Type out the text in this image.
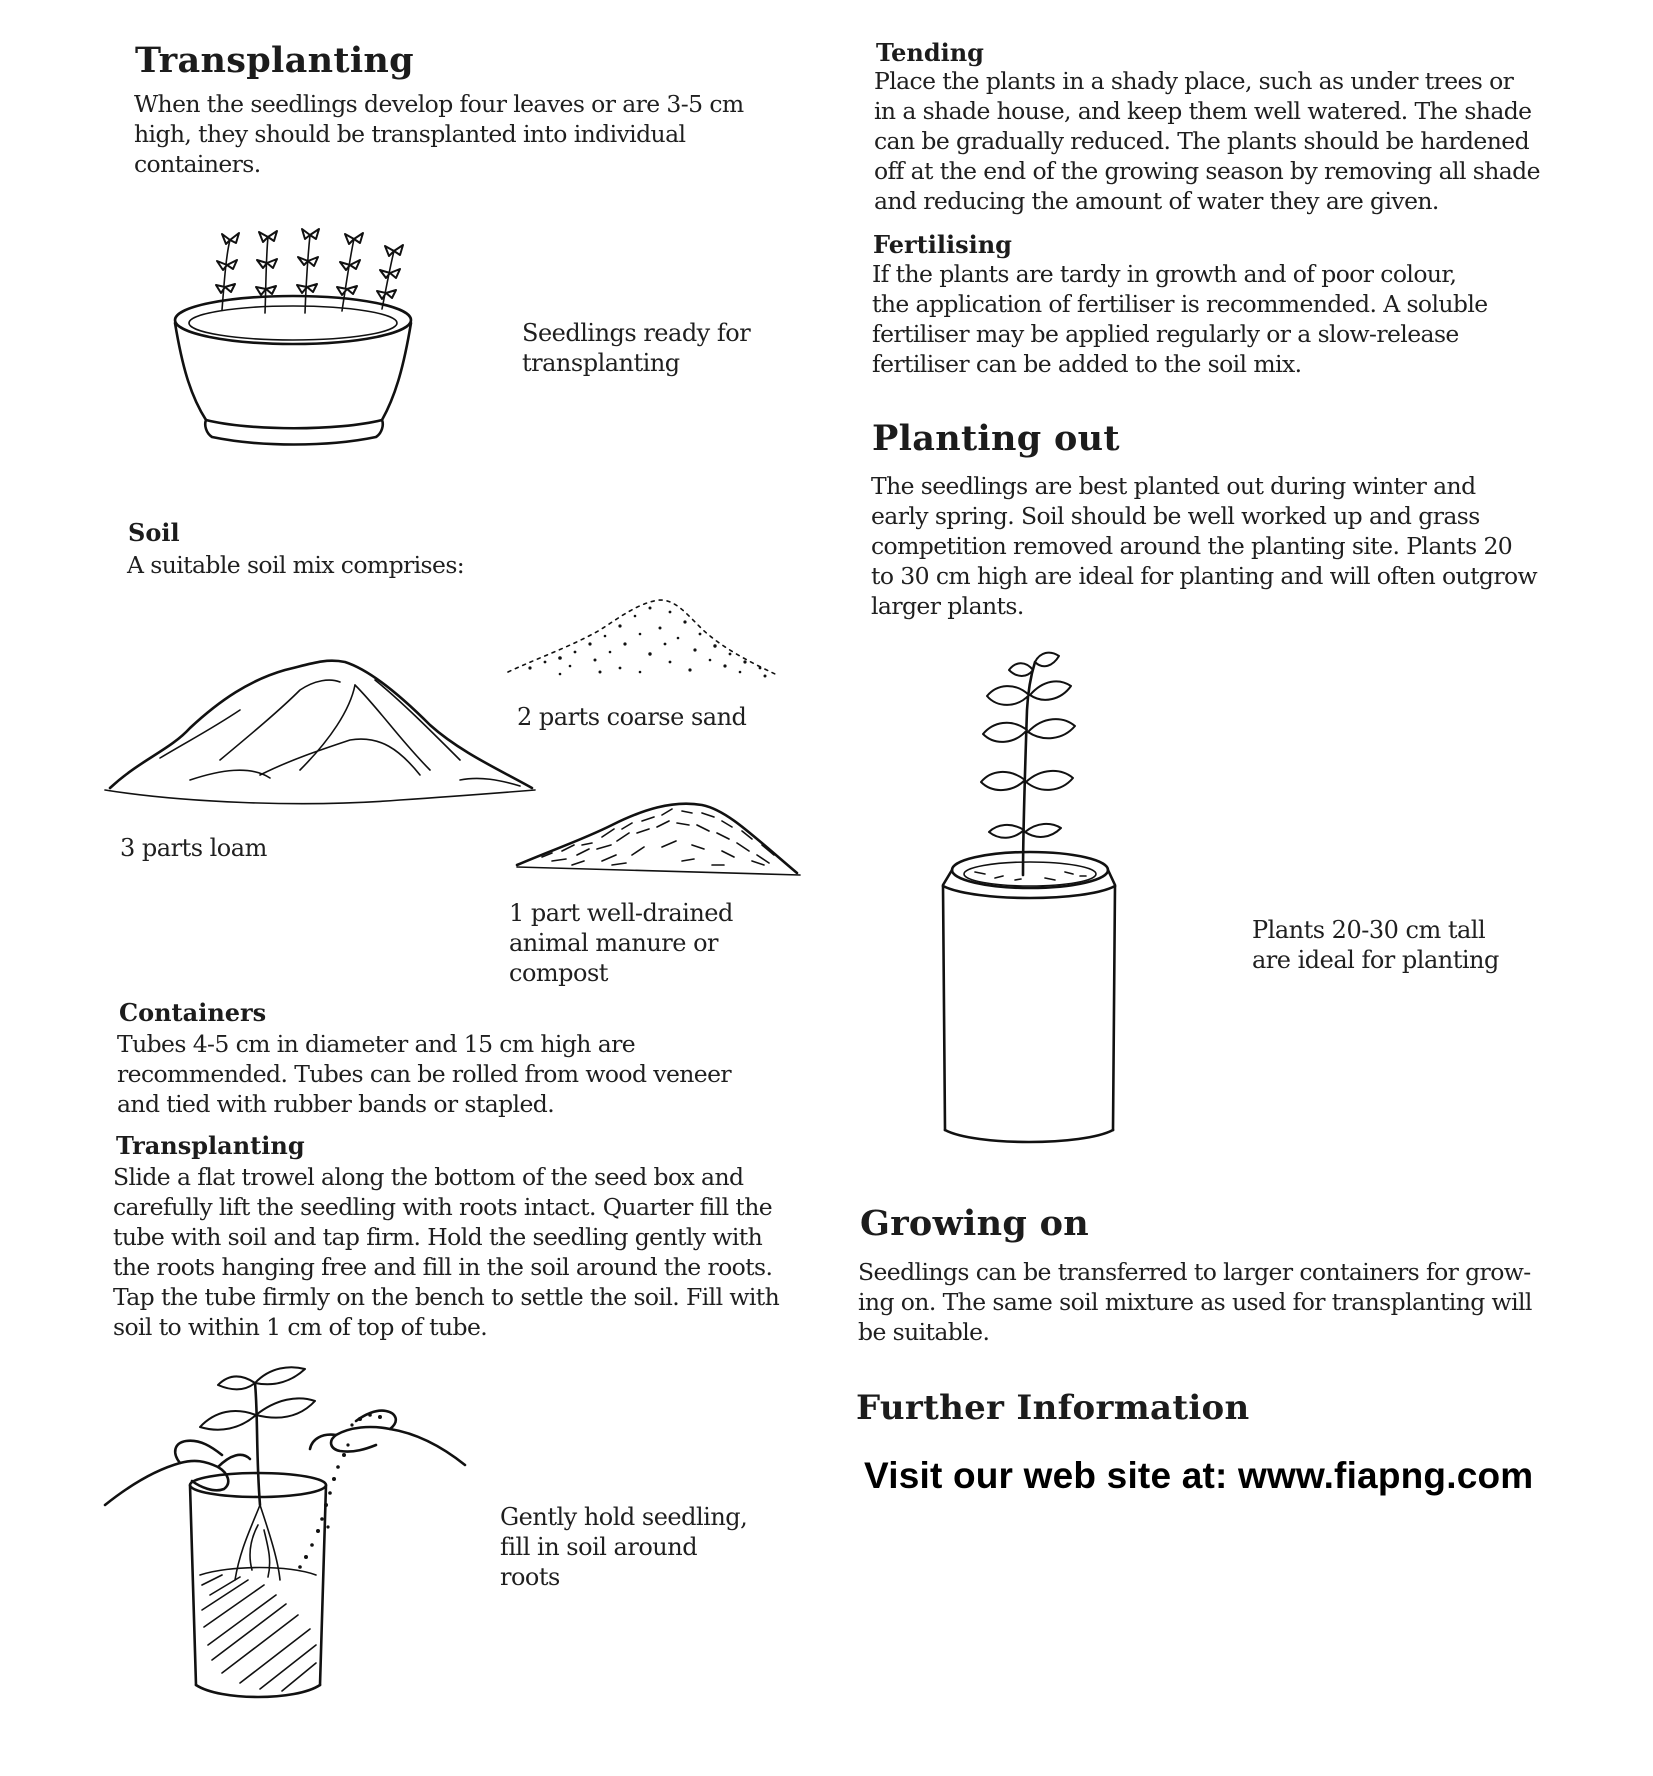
Transplanting
When the seedlings develop four leaves or are 3-5 cm
high, they should be transplanted into individual
containers.
Seedlings ready for
transplanting
Soil
A suitable soil mix comprises:
3 parts loam
2 parts coarse sand
1 part well-drained
animal manure or
compost
Containers
Tubes 4-5 cm in diameter and 15 cm high are
recommended. Tubes can be rolled from wood veneer
and tied with rubber bands or stapled.
Transplanting
Slide a flat trowel along the bottom of the seed box and
carefully lift the seedling with roots intact. Quarter fill the
tube with soil and tap firm. Hold the seedling gently with
the roots hanging free and fill in the soil around the roots.
Tap the tube firmly on the bench to settle the soil. Fill with
soil to within 1 cm of top of tube.
Gently hold seedling,
fill in soil around
roots
Tending
Place the plants in a shady place, such as under trees or
in a shade house, and keep them well watered. The shade
can be gradually reduced. The plants should be hardened
off at the end of the growing season by removing all shade
and reducing the amount of water they are given.
Fertilising
If the plants are tardy in growth and of poor colour,
the application of fertiliser is recommended. A soluble
fertiliser may be applied regularly or a slow-release
fertiliser can be added to the soil mix.
Planting out
The seedlings are best planted out during winter and
early spring. Soil should be well worked up and grass
competition removed around the planting site. Plants 20
to 30 cm high are ideal for planting and will often outgrow
larger plants.
Plants 20-30 cm tall
are ideal for planting
Growing on
Seedlings can be transferred to larger containers for grow-
ing on. The same soil mixture as used for transplanting will
be suitable.
Further Information
Visit our web site at: www.fiapng.com
